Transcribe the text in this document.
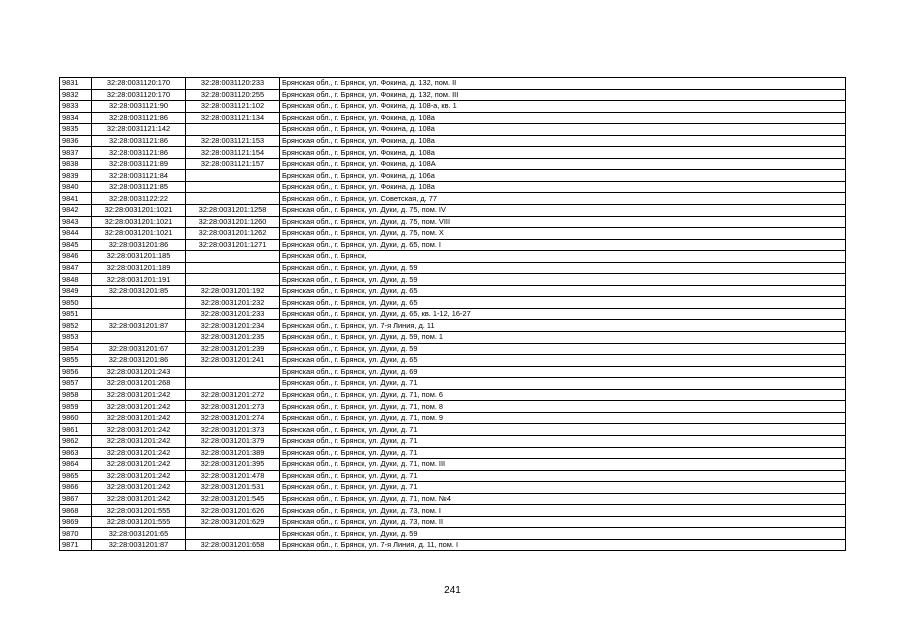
9831	32:28:0031120:170	32:28:0031120:233	Брянская обл., г. Брянск, ул. Фокина, д. 132, пом. II
9832	32:28:0031120:170	32:28:0031120:255	Брянская обл., г. Брянск, ул. Фокина, д. 132, пом. III
9833	32:28:0031121:90	32:28:0031121:102	Брянская обл., г. Брянск, ул. Фокина, д. 108-а, кв. 1
9834	32:28:0031121:86	32:28:0031121:134	Брянская обл., г. Брянск, ул. Фокина, д. 108а
9835	32:28:0031121:142		Брянская обл., г. Брянск, ул. Фокина, д. 108а
9836	32:28:0031121:86	32:28:0031121:153	Брянская обл., г. Брянск, ул. Фокина, д. 108а
9837	32:28:0031121:86	32:28:0031121:154	Брянская обл., г. Брянск, ул. Фокина, д. 108а
9838	32:28:0031121:89	32:28:0031121:157	Брянская обл., г. Брянск, ул. Фокина, д. 108А
9839	32:28:0031121:84		Брянская обл., г. Брянск, ул. Фокина, д. 106а
9840	32:28:0031121:85		Брянская обл., г. Брянск, ул. Фокина, д. 108а
9841	32:28:0031122:22		Брянская обл., г. Брянск, ул. Советская, д. 77
9842	32:28:0031201:1021	32:28:0031201:1258	Брянская обл., г. Брянск, ул. Дуки, д. 75, пом. IV
9843	32:28:0031201:1021	32:28:0031201:1260	Брянская обл., г. Брянск, ул. Дуки, д. 75, пом. VIII
9844	32:28:0031201:1021	32:28:0031201:1262	Брянская обл., г. Брянск, ул. Дуки, д. 75, пом. X
9845	32:28:0031201:86	32:28:0031201:1271	Брянская обл., г. Брянск, ул. Дуки, д. 65, пом. I
9846	32:28:0031201:185		Брянская обл., г. Брянск,
9847	32:28:0031201:189		Брянская обл., г. Брянск, ул. Дуки, д. 59
9848	32:28:0031201:191		Брянская обл., г. Брянск, ул. Дуки, д. 59
9849	32:28:0031201:85	32:28:0031201:192	Брянская обл., г. Брянск, ул. Дуки, д. 65
9850		32:28:0031201:232	Брянская обл., г. Брянск, ул. Дуки, д. 65
9851		32:28:0031201:233	Брянская обл., г. Брянск, ул. Дуки, д. 65, кв. 1-12, 16-27
9852	32:28:0031201:87	32:28:0031201:234	Брянская обл., г. Брянск, ул. 7-я Линия, д. 11
9853		32:28:0031201:235	Брянская обл., г. Брянск, ул. Дуки, д. 59, пом. 1
9854	32:28:0031201:67	32:28:0031201:239	Брянская обл., г. Брянск, ул. Дуки, д. 59
9855	32:28:0031201:86	32:28:0031201:241	Брянская обл., г. Брянск, ул. Дуки, д. 65
9856	32:28:0031201:243		Брянская обл., г. Брянск, ул. Дуки, д. 69
9857	32:28:0031201:268		Брянская обл., г. Брянск, ул. Дуки, д. 71
9858	32:28:0031201:242	32:28:0031201:272	Брянская обл., г. Брянск, ул. Дуки, д. 71, пом. 6
9859	32:28:0031201:242	32:28:0031201:273	Брянская обл., г. Брянск, ул. Дуки, д. 71, пом. 8
9860	32:28:0031201:242	32:28:0031201:274	Брянская обл., г. Брянск, ул. Дуки, д. 71, пом. 9
9861	32:28:0031201:242	32:28:0031201:373	Брянская обл., г. Брянск, ул. Дуки, д. 71
9862	32:28:0031201:242	32:28:0031201:379	Брянская обл., г. Брянск, ул. Дуки, д. 71
9863	32:28:0031201:242	32:28:0031201:389	Брянская обл., г. Брянск, ул. Дуки, д. 71
9864	32:28:0031201:242	32:28:0031201:395	Брянская обл., г. Брянск, ул. Дуки, д. 71, пом. III
9865	32:28:0031201:242	32:28:0031201:478	Брянская обл., г. Брянск, ул. Дуки, д. 71
9866	32:28:0031201:242	32:28:0031201:531	Брянская обл., г. Брянск, ул. Дуки, д. 71
9867	32:28:0031201:242	32:28:0031201:545	Брянская обл., г. Брянск, ул. Дуки, д. 71, пом. №4
9868	32:28:0031201:555	32:28:0031201:626	Брянская обл., г. Брянск, ул. Дуки, д. 73, пом. I
9869	32:28:0031201:555	32:28:0031201:629	Брянская обл., г. Брянск, ул. Дуки, д. 73, пом. II
9870	32:28:0031201:65		Брянская обл., г. Брянск, ул. Дуки, д. 59
9871	32:28:0031201:87	32:28:0031201:658	Брянская обл., г. Брянск, ул. 7-я Линия, д. 11, пом. I
241
